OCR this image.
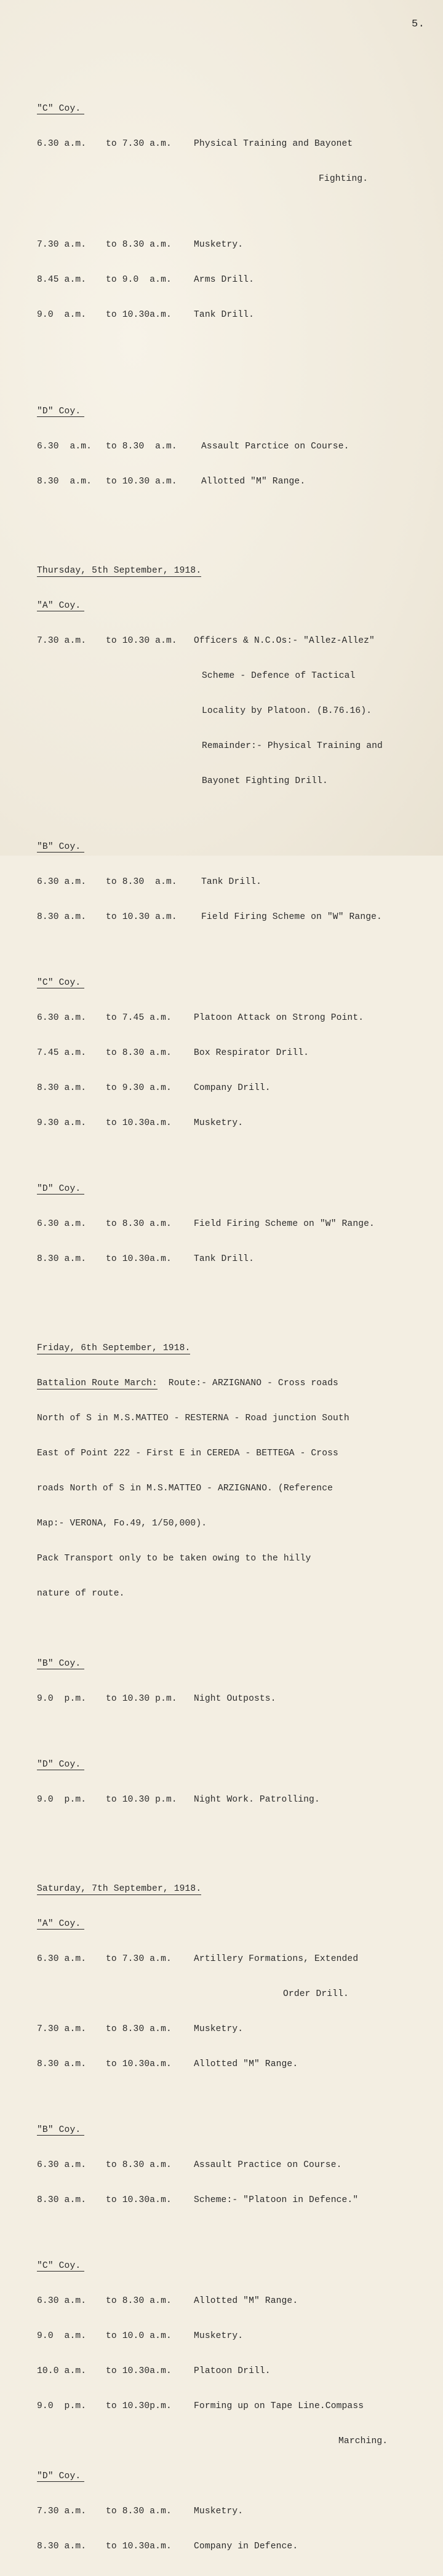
5.

"C" Coy.

6.30 a.m.	to 7.30 a.m.	Physical Training and Bayonet

Fighting.

7.30 a.m.	to 8.30 a.m.	Musketry.

8.45 a.m.	to 9.0  a.m.	Arms Drill.

9.0  a.m.	to 10.30a.m.	Tank Drill.

"D" Coy.

6.30  a.m.	to 8.30  a.m.	Assault Parctice on Course.

8.30  a.m.	to 10.30 a.m.	Allotted "M" Range.

Thursday, 5th September, 1918.

"A" Coy.

7.30 a.m.	to 10.30 a.m.	Officers & N.C.Os:- "Allez-Allez"

Scheme - Defence of Tactical

Locality by Platoon. (B.76.16).

Remainder:- Physical Training and

Bayonet Fighting Drill.

"B" Coy.

6.30 a.m.	to 8.30  a.m.	Tank Drill.

8.30 a.m.	to 10.30 a.m.	Field Firing Scheme on "W" Range.

"C" Coy.

6.30 a.m.	to 7.45 a.m.	Platoon Attack on Strong Point.

7.45 a.m.	to 8.30 a.m.	Box Respirator Drill.

8.30 a.m.	to 9.30 a.m.	Company Drill.

9.30 a.m.	to 10.30a.m.	Musketry.

"D" Coy.

6.30 a.m.	to 8.30 a.m.	Field Firing Scheme on "W" Range.

8.30 a.m.	to 10.30a.m.	Tank Drill.

Friday, 6th September, 1918.

Battalion Route March:  Route:- ARZIGNANO - Cross roads

North of S in M.S.MATTEO - RESTERNA - Road junction South

East of Point 222 - First E in CEREDA - BETTEGA - Cross

roads North of S in M.S.MATTEO - ARZIGNANO. (Reference

Map:- VERONA, Fo.49, 1/50,000).

Pack Transport only to be taken owing to the hilly

nature of route.

"B" Coy.

9.0  p.m.	to 10.30 p.m.	Night Outposts.

"D" Coy.

9.0  p.m.	to 10.30 p.m.	Night Work. Patrolling.

Saturday, 7th September, 1918.

"A" Coy.

6.30 a.m.	to 7.30 a.m.	Artillery Formations, Extended

Order Drill.

7.30 a.m.	to 8.30 a.m.	Musketry.

8.30 a.m.	to 10.30a.m.	Allotted "M" Range.

"B" Coy.

6.30 a.m.	to 8.30 a.m.	Assault Practice on Course.

8.30 a.m.	to 10.30a.m.	Scheme:- "Platoon in Defence."

"C" Coy.

6.30 a.m.	to 8.30 a.m.	Allotted "M" Range.

9.0  a.m.	to 10.0 a.m.	Musketry.

10.0 a.m.	to 10.30a.m.	Platoon Drill.

9.0  p.m.	to 10.30p.m.	Forming up on Tape Line.Compass

Marching.

"D" Coy.

7.30 a.m.	to 8.30 a.m.	Musketry.

8.30 a.m.	to 10.30a.m.	Company in Defence.
